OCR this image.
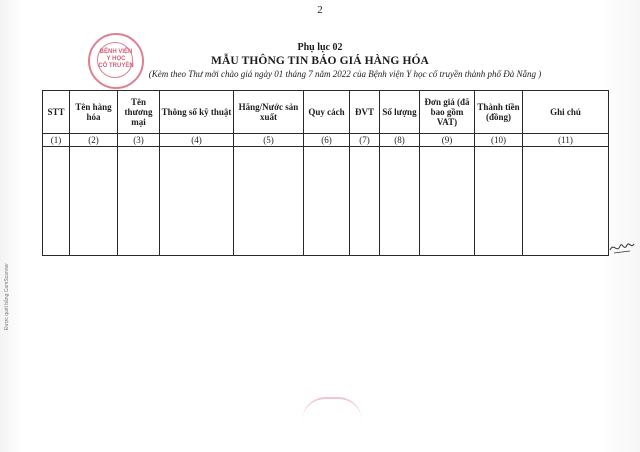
2
BỆNH VIỆN
Y HỌC
CỔ TRUYỀN
Phụ lục 02
MẪU THÔNG TIN BÁO GIÁ HÀNG HÓA
(Kèm theo Thư mời chào giá ngày 01 tháng 7 năm 2022 của Bệnh viện Y học cổ truyền thành phố Đà Nẵng )
STT	Tên hàng hóa	Tên thương mại	Thông số kỹ thuật	Hãng/Nước sản xuất	Quy cách	ĐVT	Số lượng	Đơn giá (đã bao gồm VAT)	Thành tiền (đồng)	Ghi chú
(1)	(2)	(3)	(4)	(5)	(6)	(7)	(8)	(9)	(10)	(11)

Được quét bằng CamScanner
